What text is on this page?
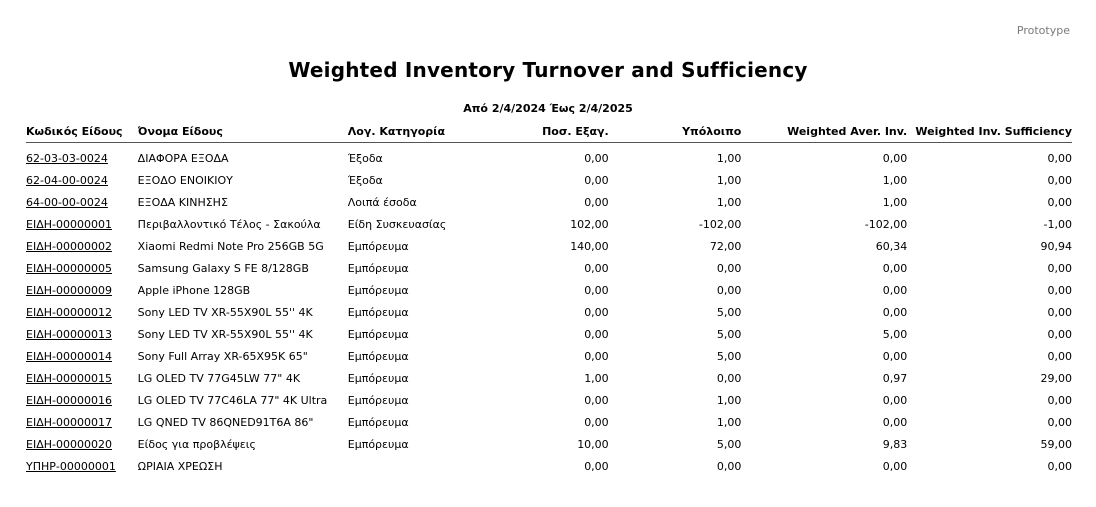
Prototype
Weighted Inventory Turnover and Sufficiency
Από 2/4/2024 Έως 2/4/2025
Κωδικός Είδους	Όνομα Είδους	Λογ. Κατηγορία	Ποσ. Εξαγ.	Υπόλοιπο	Weighted Aver. Inv.	Weighted Inv. Sufficiency
62-03-03-0024	ΔΙΑΦΟΡΑ ΕΞΟΔΑ	Έξοδα	0,00	1,00	0,00	0,00
62-04-00-0024	ΕΞΟΔΟ ΕΝΟΙΚΙΟΥ	Έξοδα	0,00	1,00	1,00	0,00
64-00-00-0024	ΕΞΟΔΑ ΚΙΝΗΣΗΣ	Λοιπά έσοδα	0,00	1,00	1,00	0,00
ΕΙΔΗ-00000001	Περιβαλλοντικό Τέλος - Σακούλα	Είδη Συσκευασίας	102,00	-102,00	-102,00	-1,00
ΕΙΔΗ-00000002	Xiaomi Redmi Note Pro 256GB 5G	Εμπόρευμα	140,00	72,00	60,34	90,94
ΕΙΔΗ-00000005	Samsung Galaxy S FE 8/128GB	Εμπόρευμα	0,00	0,00	0,00	0,00
ΕΙΔΗ-00000009	Apple iPhone 128GB	Εμπόρευμα	0,00	0,00	0,00	0,00
ΕΙΔΗ-00000012	Sony LED TV XR-55X90L 55'' 4K	Εμπόρευμα	0,00	5,00	0,00	0,00
ΕΙΔΗ-00000013	Sony LED TV XR-55X90L 55'' 4K	Εμπόρευμα	0,00	5,00	5,00	0,00
ΕΙΔΗ-00000014	Sony Full Array XR-65X95K 65"	Εμπόρευμα	0,00	5,00	0,00	0,00
ΕΙΔΗ-00000015	LG OLED TV 77G45LW 77" 4K	Εμπόρευμα	1,00	0,00	0,97	29,00
ΕΙΔΗ-00000016	LG OLED TV 77C46LA 77" 4K Ultra	Εμπόρευμα	0,00	1,00	0,00	0,00
ΕΙΔΗ-00000017	LG QNED TV 86QNED91T6A 86"	Εμπόρευμα	0,00	1,00	0,00	0,00
ΕΙΔΗ-00000020	Είδος για προβλέψεις	Εμπόρευμα	10,00	5,00	9,83	59,00
ΥΠΗΡ-00000001	ΩΡΙΑΙΑ ΧΡΕΩΣΗ		0,00	0,00	0,00	0,00
